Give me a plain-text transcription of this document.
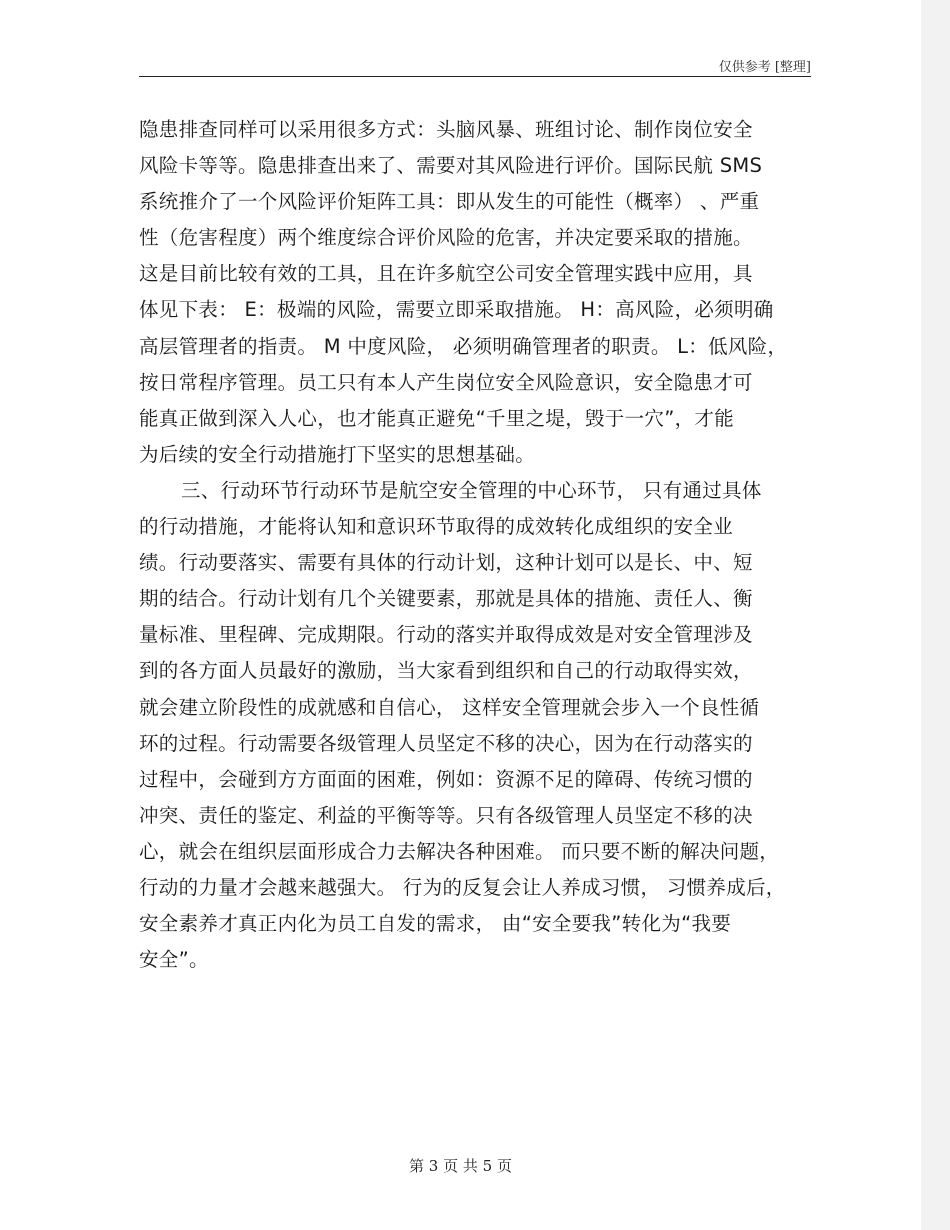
仅供参考 [整理]
隐患排查同样可以采用很多方式：头脑风暴、班组讨论、制作岗位安全
风险卡等等。隐患排查出来了、需要对其风险进行评价。国际民航 SMS
系统推介了一个风险评价矩阵工具：即从发生的可能性（概率） 、严重
性（危害程度）两个维度综合评价风险的危害，并决定要采取的措施。
这是目前比较有效的工具，且在许多航空公司安全管理实践中应用，具
体见下表： E：极端的风险，需要立即采取措施。 H：高风险，必须明确
高层管理者的指责。 M 中度风险， 必须明确管理者的职责。 L：低风险，
按日常程序管理。员工只有本人产生岗位安全风险意识，安全隐患才可
能真正做到深入人心，也才能真正避免“千里之堤，毁于一穴”，才能
为后续的安全行动措施打下坚实的思想基础。
三、行动环节行动环节是航空安全管理的中心环节， 只有通过具体
的行动措施，才能将认知和意识环节取得的成效转化成组织的安全业
绩。行动要落实、需要有具体的行动计划，这种计划可以是长、中、短
期的结合。行动计划有几个关键要素，那就是具体的措施、责任人、衡
量标准、里程碑、完成期限。行动的落实并取得成效是对安全管理涉及
到的各方面人员最好的激励，当大家看到组织和自己的行动取得实效，
就会建立阶段性的成就感和自信心， 这样安全管理就会步入一个良性循
环的过程。行动需要各级管理人员坚定不移的决心，因为在行动落实的
过程中，会碰到方方面面的困难，例如：资源不足的障碍、传统习惯的
冲突、责任的鉴定、利益的平衡等等。只有各级管理人员坚定不移的决
心，就会在组织层面形成合力去解决各种困难。 而只要不断的解决问题，
行动的力量才会越来越强大。 行为的反复会让人养成习惯， 习惯养成后，
安全素养才真正内化为员工自发的需求， 由“安全要我”转化为“我要
安全”。
第 3 页 共 5 页
